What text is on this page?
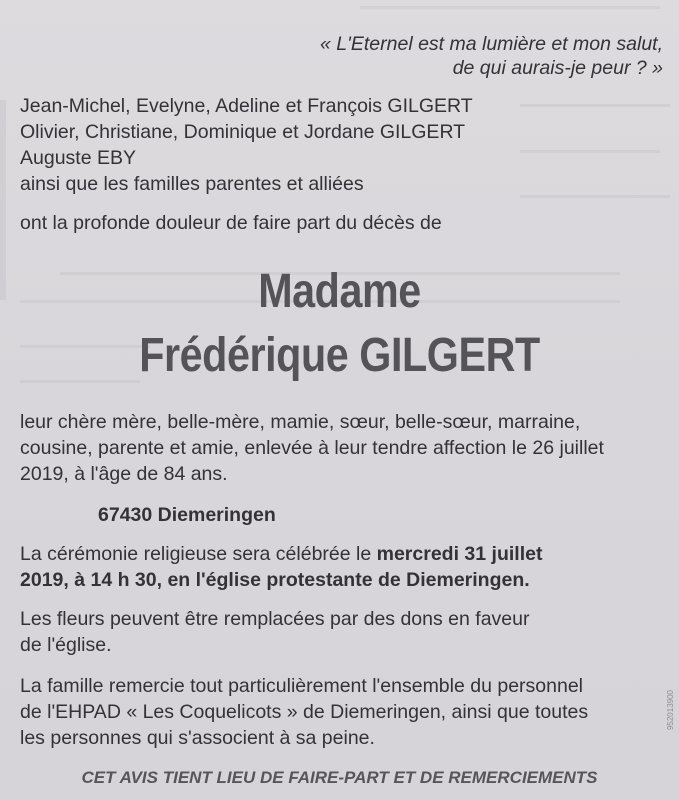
« L'Eternel est ma lumière et mon salut,
de qui aurais-je peur ? »
Jean-Michel, Evelyne, Adeline et François GILGERT
Olivier, Christiane, Dominique et Jordane GILGERT
Auguste EBY
ainsi que les familles parentes et alliées
ont la profonde douleur de faire part du décès de
Madame
Frédérique GILGERT
leur chère mère, belle-mère, mamie, sœur, belle-sœur, marraine,
cousine, parente et amie, enlevée à leur tendre affection le 26 juillet
2019, à l'âge de 84 ans.
67430 Diemeringen
La cérémonie religieuse sera célébrée le mercredi 31 juillet
2019, à 14 h 30, en l'église protestante de Diemeringen.
Les fleurs peuvent être remplacées par des dons en faveur
de l'église.
La famille remercie tout particulièrement l'ensemble du personnel
de l'EHPAD « Les Coquelicots » de Diemeringen, ainsi que toutes
les personnes qui s'associent à sa peine.
CET AVIS TIENT LIEU DE FAIRE-PART ET DE REMERCIEMENTS
952013900
